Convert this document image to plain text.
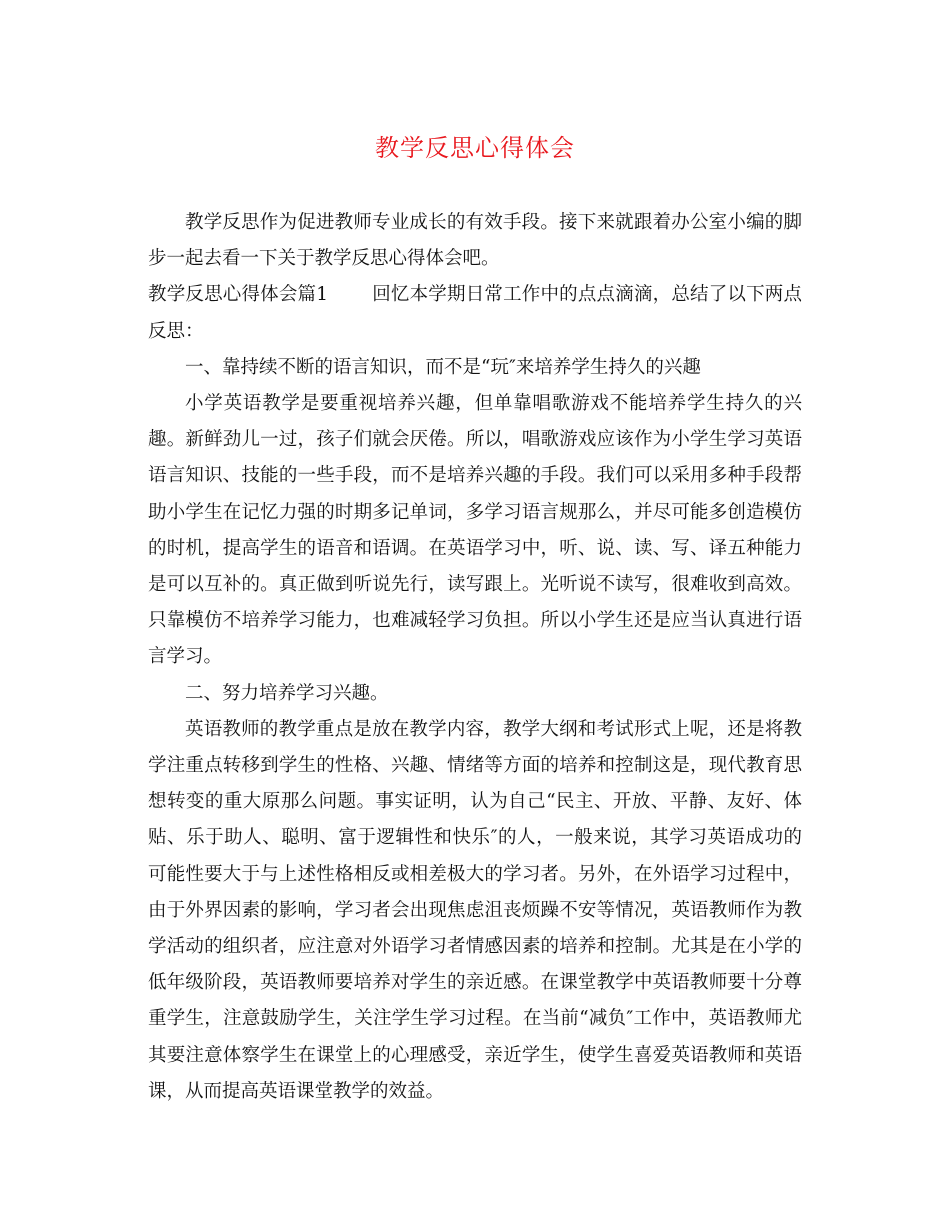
教学反思心得体会

教学反思作为促进教师专业成长的有效手段。接下来就跟着办公室小编的脚步一起去看一下关于教学反思心得体会吧。

教学反思心得体会篇1 回忆本学期日常工作中的点点滴滴，总结了以下两点反思：

一、靠持续不断的语言知识，而不是“玩″来培养学生持久的兴趣

小学英语教学是要重视培养兴趣，但单靠唱歌游戏不能培养学生持久的兴趣。新鲜劲儿一过，孩子们就会厌倦。所以，唱歌游戏应该作为小学生学习英语语言知识、技能的一些手段，而不是培养兴趣的手段。我们可以采用多种手段帮助小学生在记忆力强的时期多记单词，多学习语言规那么，并尽可能多创造模仿的时机，提高学生的语音和语调。在英语学习中，听、说、读、写、译五种能力是可以互补的。真正做到听说先行，读写跟上。光听说不读写，很难收到高效。只靠模仿不培养学习能力，也难减轻学习负担。所以小学生还是应当认真进行语言学习。

二、努力培养学习兴趣。

英语教师的教学重点是放在教学内容，教学大纲和考试形式上呢，还是将教学注重点转移到学生的性格、兴趣、情绪等方面的培养和控制这是，现代教育思想转变的重大原那么问题。事实证明，认为自己“民主、开放、平静、友好、体贴、乐于助人、聪明、富于逻辑性和快乐″的人，一般来说，其学习英语成功的可能性要大于与上述性格相反或相差极大的学习者。另外，在外语学习过程中，由于外界因素的影响，学习者会出现焦虑沮丧烦躁不安等情况，英语教师作为教学活动的组织者，应注意对外语学习者情感因素的培养和控制。尤其是在小学的低年级阶段，英语教师要培养对学生的亲近感。在课堂教学中英语教师要十分尊重学生，注意鼓励学生，关注学生学习过程。在当前“减负″工作中，英语教师尤其要注意体察学生在课堂上的心理感受，亲近学生，使学生喜爱英语教师和英语课，从而提高英语课堂教学的效益。
